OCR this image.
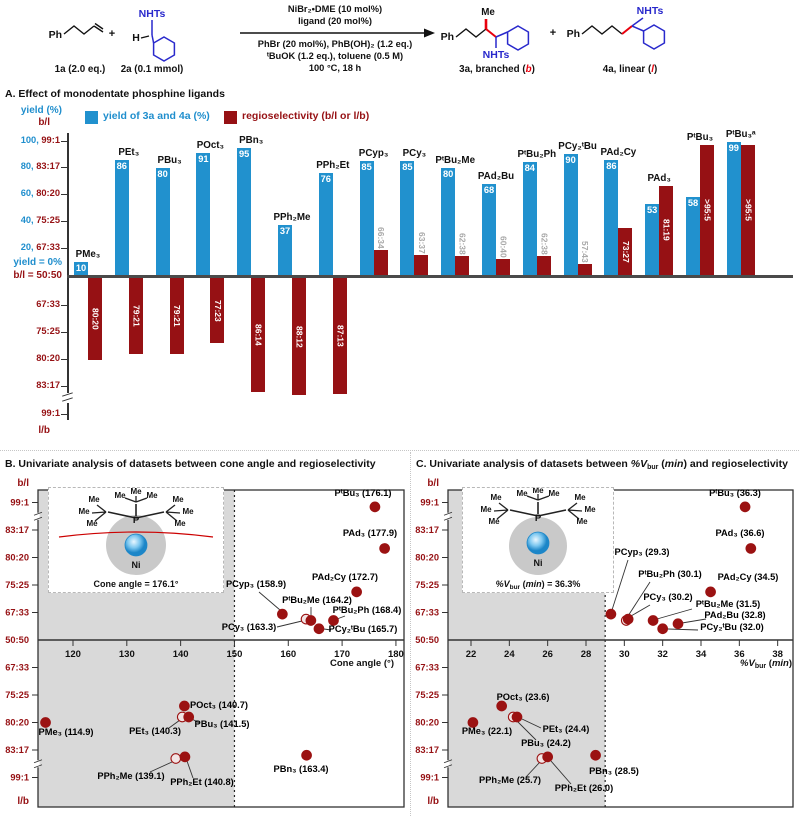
Ph
1a (2.0 eq.)
+
NHTs
H
2a (0.1 mmol)
NiBr₂•DME (10 mol%)
ligand (20 mol%)
PhBr (20 mol%), PhB(OH)₂ (1.2 eq.)
ᵗBuOK (1.2 eq.), toluene (0.5 M)
100 °C, 18 h
Ph
Me
NHTs
3a, branched (b)
+ Ph
NHTs
4a, linear (l)
A. Effect of monodentate phosphine ligands
yield of 3a and 4a (%)	regioselectivity (b/l or l/b)
yield (%)
b/l
yield = 0%
b/l = 50:50
l/b
100, 99:1
80, 83:17
60, 80:20
40, 75:25
20, 67:33
67:33
75:25
80:20
83:17
99:1
10
80:20
PMe₃
86
79:21
PEt₃
80
79:21
PBu₃	91
77:23
POct₃
95
86:14
PBn₃
37
88:12
PPh₂Me
76
87:13
PPh₂Et	85
66:34
PCyp₃
85
63:37
PCy₃
80
62:38
PᵗBu₂Me
68
60:40
PAd₂Bu
84
62:38
PᵗBu₂Ph	90
57:43
PCy₂ᵗBu
86
73:27
PAd₂Cy
53
81:19
PAd₃
58 >95:5
PᵗBu₃
99
>95:5
PᵗBu₃ᵃ
B. Univariate analysis of datasets between cone angle and regioselectivity	C. Univariate analysis of datasets between %Vbur (min) and regioselectivity
120	130	140	150	160	170	180
67:33
67:33
75:25
75:25
80:20
80:20
83:17
83:17
99:1
99:1
b/l
50:50
l/b
PᵗBu₃ (176.1)
PAd₃ (177.9)
PAd₂Cy (172.7)
PCyp₃ (158.9)
PCy₃ (163.3)
PᵗBu₂Me (164.2)
PᵗBu₂Ph (168.4)
PCy₂ᵗBu (165.7)
PMe₃ (114.9)	PEt₃ (140.3)
PBu₃ (141.5)
POct₃ (140.7)
PPh₂Me (139.1)
PPh₂Et (140.8)
PBn₃ (163.4)
22	24	26	28	30	32	34	36	38
67:33
67:33
75:25
75:25
80:20
80:20
83:17
83:17
99:1
99:1
b/l
50:50
l/b
PᵗBu₃ (36.3)
PAd₃ (36.6)
PAd₂Cy (34.5)
PCyp₃ (29.3)
PᵗBu₂Ph (30.1)
PCy₃ (30.2)
PᵗBu₂Me (31.5)
PAd₂Bu (32.8)
PCy₂ᵗBu (32.0)
PMe₃ (22.1)
POct₃ (23.6)
PBu₃ (24.2)
PEt₃ (24.4)
PPh₂Me (25.7)
PPh₂Et (26.0)
PBn₃ (28.5)
Cone angle (°)	$\%V_{bur}$ (min)
P
Ni
Me Me Me
Me
Me
Me
Me
Me
Me
Cone angle = 176.1°
P
Ni
Me Me Me
Me
Me
Me
Me
Me
Me
$\%V_{bur}$ (min) = 36.3%
